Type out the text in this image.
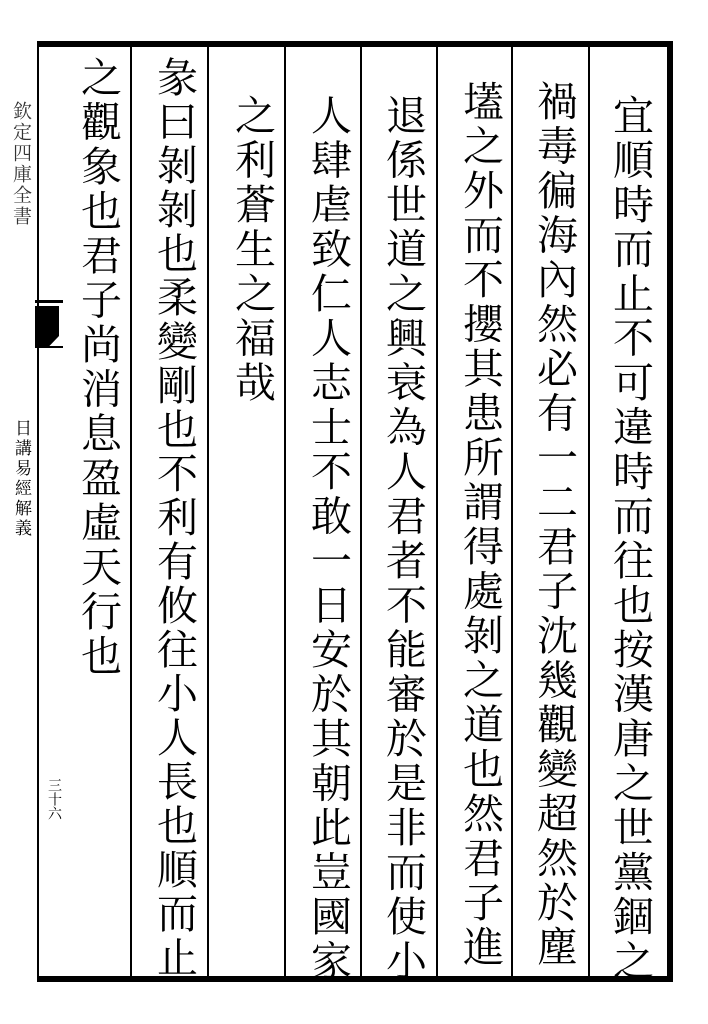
欽定四庫全書
日講易經解義
三十六	宜順時而止不可違時而往也按漢唐之世黨錮之
禍毒徧海內然必有一二君子沈幾觀變超然於塵
壒之外而不攖其患所謂得處剝之道也然君子進
退係世道之興衰為人君者不能審於是非而使小
人肆虐致仁人志士不敢一日安於其朝此豈國家
之利蒼生之福哉
彖曰剝剝也柔變剛也不利有攸往小人長也順而止
之觀象也君子尚消息盈虛天行也
